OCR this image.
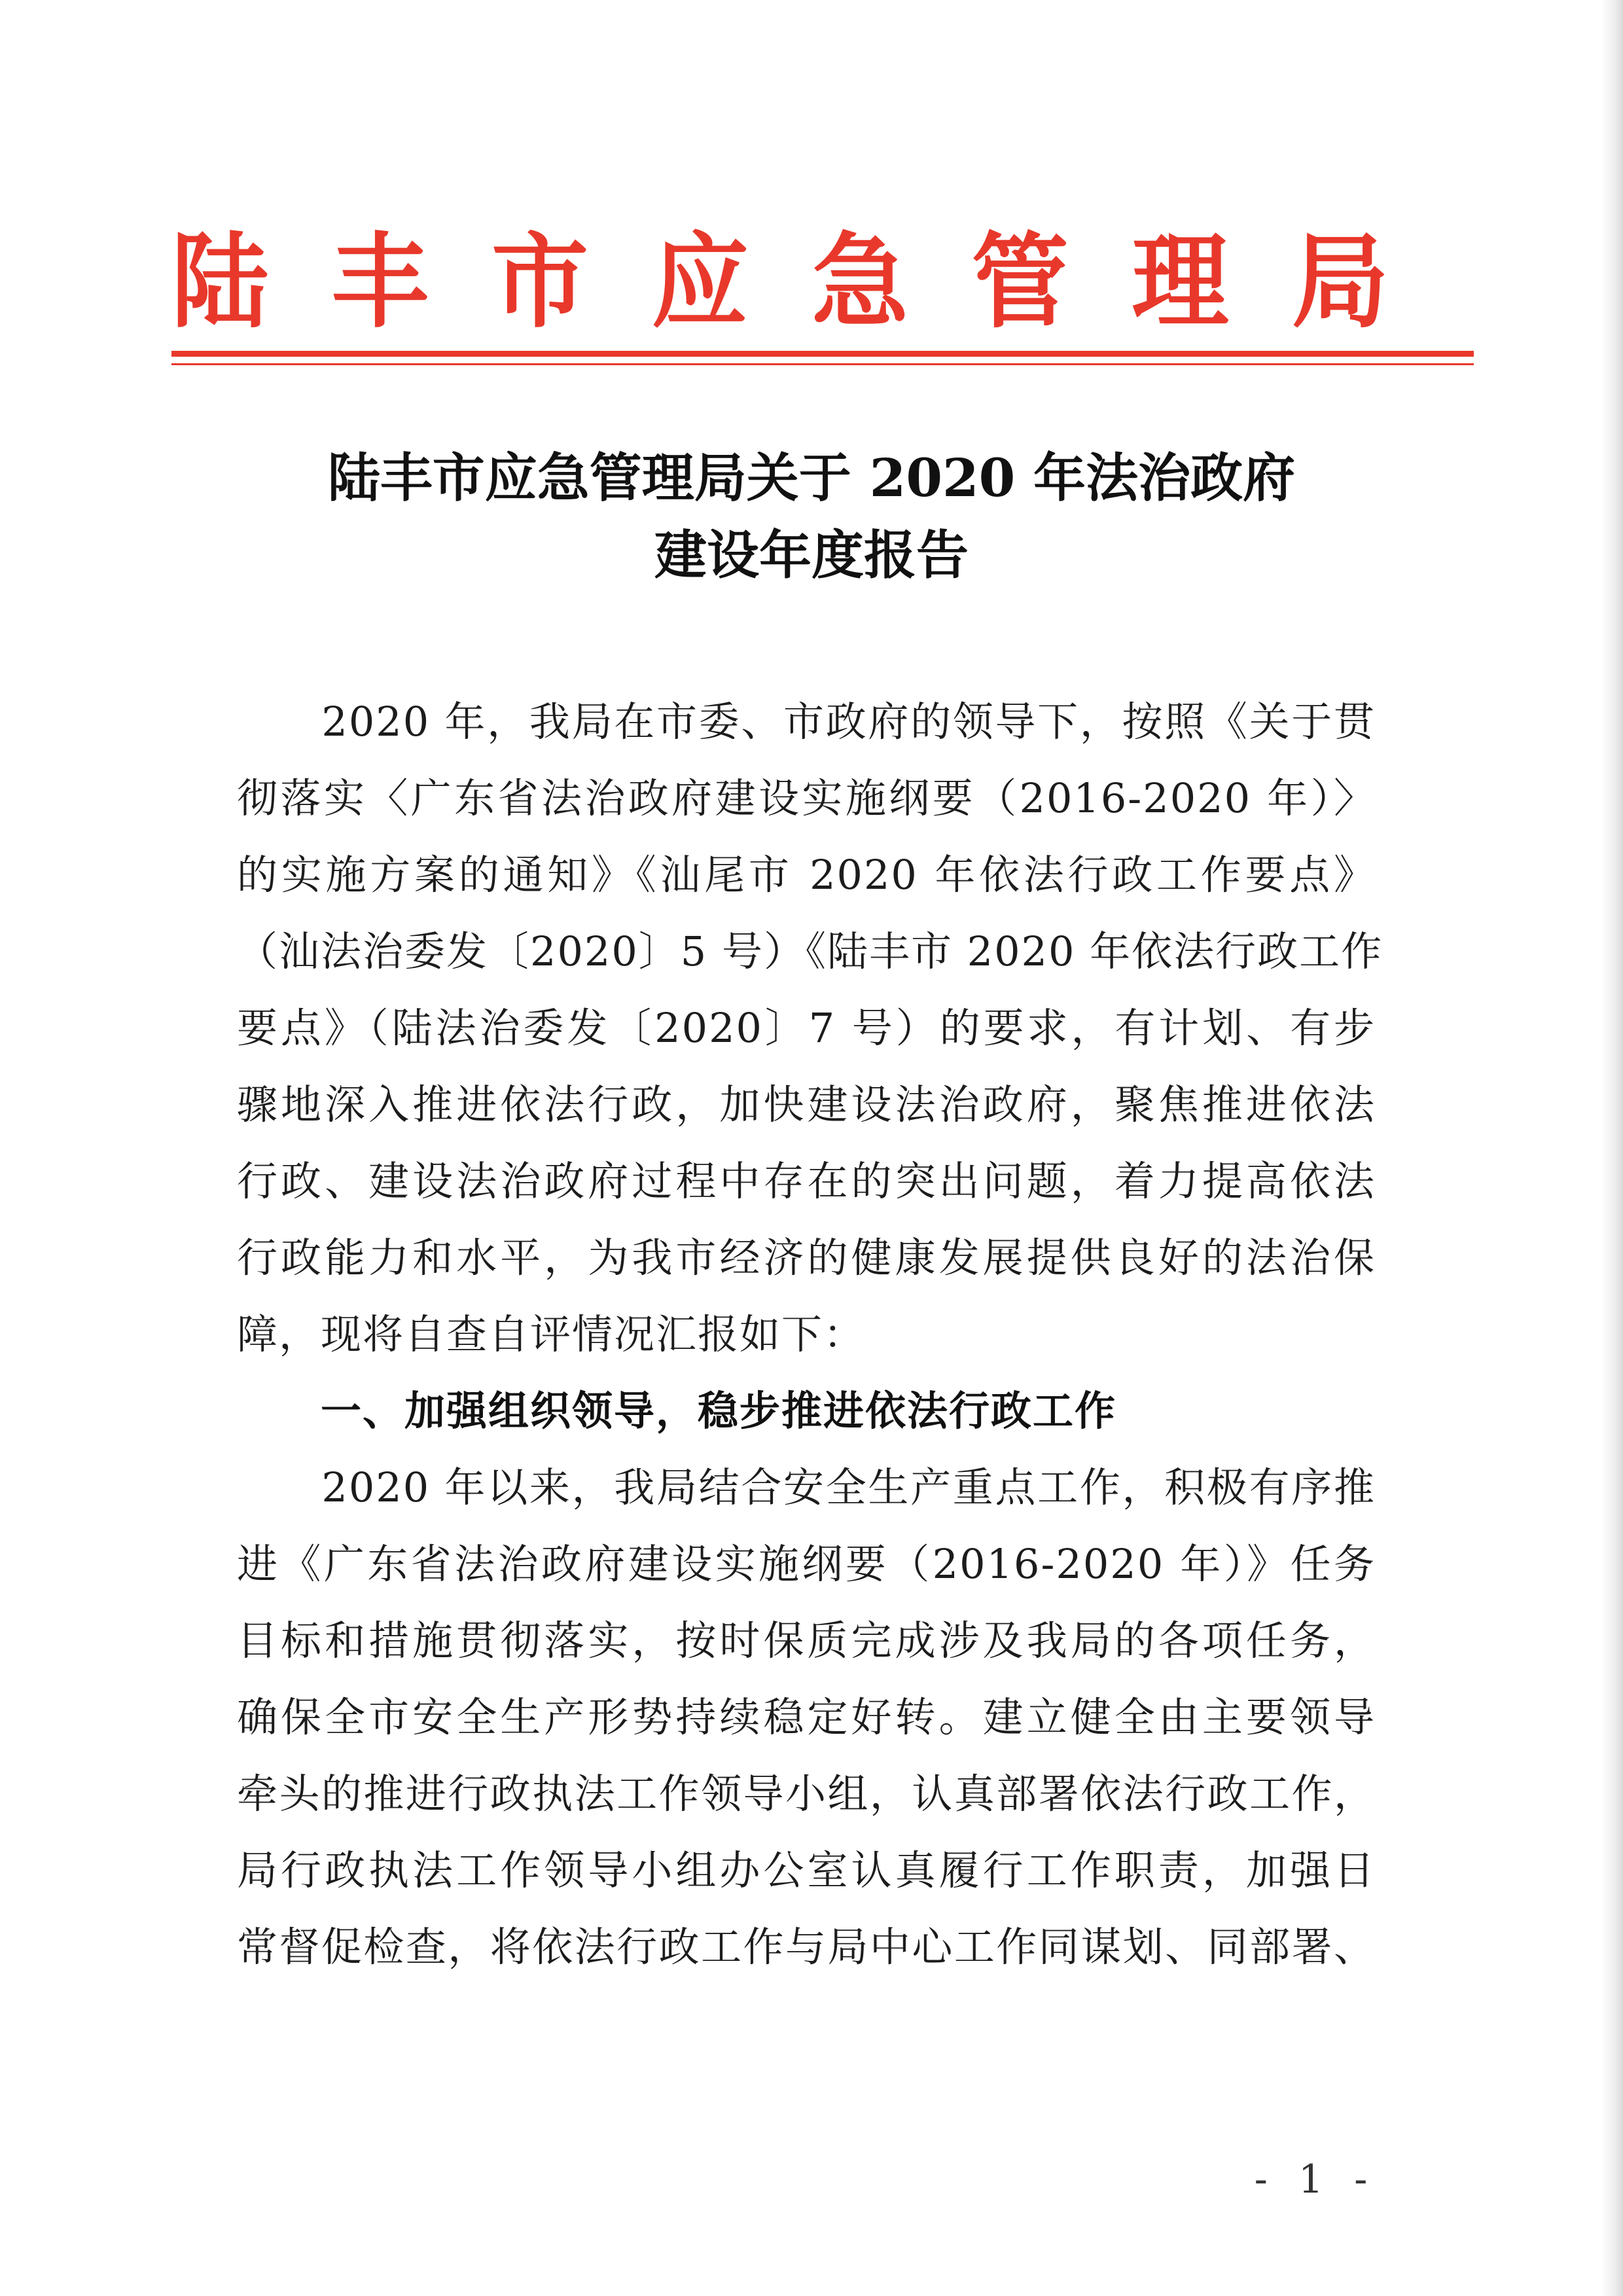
陆 丰 市 应 急 管 理 局
陆丰市应急管理局关于 2020 年法治政府
建设年度报告
　　2020 年，我局在市委、市政府的领导下，按照《关于贯
彻落实〈广东省法治政府建设实施纲要（2016-2020 年）〉
的实施方案的通知》《汕尾市 2020 年依法行政工作要点》
（汕法治委发〔2020〕5 号）《陆丰市 2020 年依法行政工作
要点》（陆法治委发〔2020〕7 号）的要求，有计划、有步
骤地深入推进依法行政，加快建设法治政府，聚焦推进依法
行政、建设法治政府过程中存在的突出问题，着力提高依法
行政能力和水平，为我市经济的健康发展提供良好的法治保
障，现将自查自评情况汇报如下：
一、加强组织领导，稳步推进依法行政工作
　　2020 年以来，我局结合安全生产重点工作，积极有序推
进《广东省法治政府建设实施纲要（2016-2020 年）》任务
目标和措施贯彻落实，按时保质完成涉及我局的各项任务，
确保全市安全生产形势持续稳定好转。建立健全由主要领导
牵头的推进行政执法工作领导小组，认真部署依法行政工作，
局行政执法工作领导小组办公室认真履行工作职责，加强日
常督促检查，将依法行政工作与局中心工作同谋划、同部署、
- 1 -
